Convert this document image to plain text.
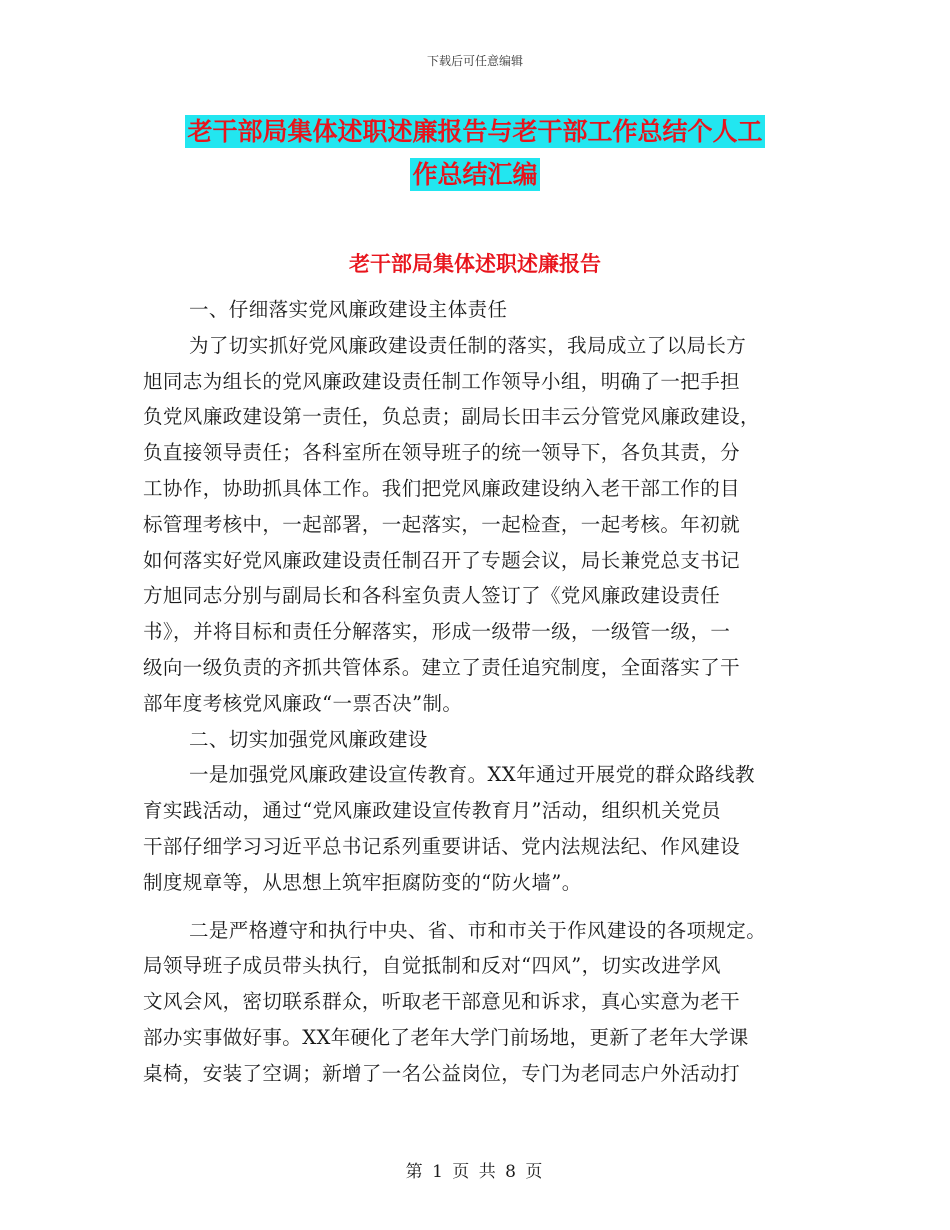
下载后可任意编辑
老干部局集体述职述廉报告与老干部工作总结个人工
作总结汇编
老干部局集体述职述廉报告
一、仔细落实党风廉政建设主体责任
为了切实抓好党风廉政建设责任制的落实，我局成立了以局长方
旭同志为组长的党风廉政建设责任制工作领导小组，明确了一把手担
负党风廉政建设第一责任，负总责；副局长田丰云分管党风廉政建设，
负直接领导责任；各科室所在领导班子的统一领导下，各负其责，分
工协作，协助抓具体工作。我们把党风廉政建设纳入老干部工作的目
标管理考核中，一起部署，一起落实，一起检查，一起考核。年初就
如何落实好党风廉政建设责任制召开了专题会议，局长兼党总支书记
方旭同志分别与副局长和各科室负责人签订了《党风廉政建设责任
书》，并将目标和责任分解落实，形成一级带一级，一级管一级，一
级向一级负责的齐抓共管体系。建立了责任追究制度，全面落实了干
部年度考核党风廉政“一票否决”制。
二、切实加强党风廉政建设
一是加强党风廉政建设宣传教育。XX年通过开展党的群众路线教
育实践活动，通过“党风廉政建设宣传教育月”活动，组织机关党员
干部仔细学习习近平总书记系列重要讲话、党内法规法纪、作风建设
制度规章等，从思想上筑牢拒腐防变的“防火墙”。
二是严格遵守和执行中央、省、市和市关于作风建设的各项规定。
局领导班子成员带头执行，自觉抵制和反对“四风”，切实改进学风
文风会风，密切联系群众，听取老干部意见和诉求，真心实意为老干
部办实事做好事。XX年硬化了老年大学门前场地，更新了老年大学课
桌椅，安装了空调；新增了一名公益岗位，专门为老同志户外活动打
第 1 页 共 8 页
